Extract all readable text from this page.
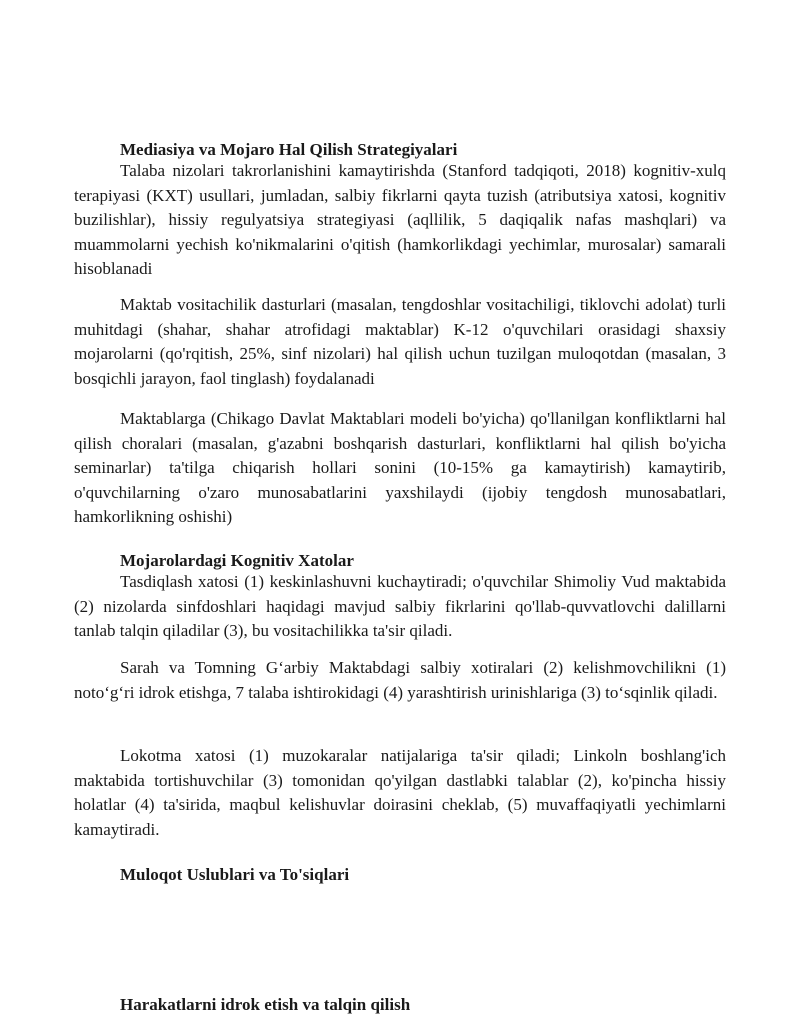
Mediasiya va Mojaro Hal Qilish Strategiyalari

Talaba nizolari takrorlanishini kamaytirishda (Stanford tadqiqoti, 2018) kognitiv-xulq terapiyasi (KXT) usullari, jumladan, salbiy fikrlarni qayta tuzish (atributsiya xatosi, kognitiv buzilishlar), hissiy regulyatsiya strategiyasi (aqllilik, 5 daqiqalik nafas mashqlari) va muammolarni yechish ko'nikmalarini o'qitish (hamkorlikdagi yechimlar, murosalar) samarali hisoblanadi

Maktab vositachilik dasturlari (masalan, tengdoshlar vositachiligi, tiklovchi adolat) turli muhitdagi (shahar, shahar atrofidagi maktablar) K-12 o'quvchilari orasidagi shaxsiy mojarolarni (qo'rqitish, 25%, sinf nizolari) hal qilish uchun tuzilgan muloqotdan (masalan, 3 bosqichli jarayon, faol tinglash) foydalanadi

Maktablarga (Chikago Davlat Maktablari modeli bo'yicha) qo'llanilgan konfliktlarni hal qilish choralari (masalan, g'azabni boshqarish dasturlari, konfliktlarni hal qilish bo'yicha seminarlar) ta'tilga chiqarish hollari sonini (10-15% ga kamaytirish) kamaytirib, o'quvchilarning o'zaro munosabatlarini yaxshilaydi (ijobiy tengdosh munosabatlari, hamkorlikning oshishi)

Mojarolardagi Kognitiv Xatolar

Tasdiqlash xatosi (1) keskinlashuvni kuchaytiradi; o'quvchilar Shimoliy Vud maktabida (2) nizolarda sinfdoshlari haqidagi mavjud salbiy fikrlarini qo'llab-quvvatlovchi dalillarni tanlab talqin qiladilar (3), bu vositachilikka ta'sir qiladi.

Sarah va Tomning G‘arbiy Maktabdagi salbiy xotiralari (2) kelishmovchilikni (1) noto‘g‘ri idrok etishga, 7 talaba ishtirokidagi (4) yarashtirish urinishlariga (3) to‘sqinlik qiladi.

Lokotma xatosi (1) muzokaralar natijalariga ta'sir qiladi; Linkoln boshlang'ich maktabida tortishuvchilar (3) tomonidan qo'yilgan dastlabki talablar (2), ko'pincha hissiy holatlar (4) ta'sirida, maqbul kelishuvlar doirasini cheklab, (5) muvaffaqiyatli yechimlarni kamaytiradi.

Muloqot Uslublari va To'siqlari
Harakatlarni idrok etish va talqin qilish
